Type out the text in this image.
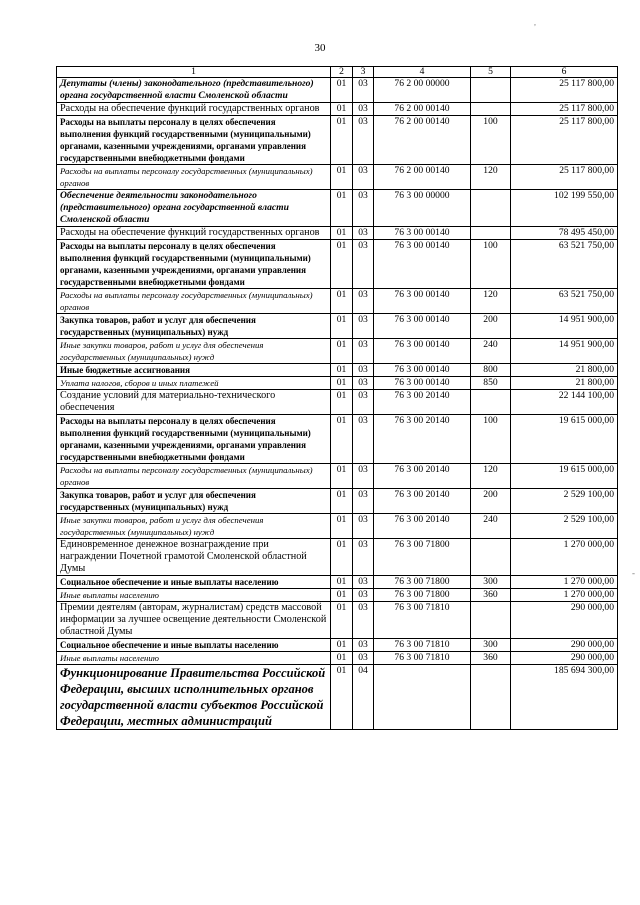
30
,
-
1	2	3	4	5	6
Депутаты (члены) законодательного (представительного) органа государственной власти Смоленской области	01	03	76 2 00 00000		25 117 800,00
Расходы на обеспечение функций государственных органов	01	03	76 2 00 00140		25 117 800,00
Расходы на выплаты персоналу в целях обеспечения выполнения функций государственными (муниципальными) органами, казенными учреждениями, органами управления государственными внебюджетными фондами	01	03	76 2 00 00140	100	25 117 800,00
Расходы на выплаты персоналу государственных (муниципальных) органов	01	03	76 2 00 00140	120	25 117 800,00
Обеспечение деятельности законодательного (представительного) органа государственной власти Смоленской области	01	03	76 3 00 00000		102 199 550,00
Расходы на обеспечение функций государственных органов	01	03	76 3 00 00140		78 495 450,00
Расходы на выплаты персоналу в целях обеспечения выполнения функций государственными (муниципальными) органами, казенными учреждениями, органами управления государственными внебюджетными фондами	01	03	76 3 00 00140	100	63 521 750,00
Расходы на выплаты персоналу государственных (муниципальных) органов	01	03	76 3 00 00140	120	63 521 750,00
Закупка товаров, работ и услуг для обеспечения государственных (муниципальных) нужд	01	03	76 3 00 00140	200	14 951 900,00
Иные закупки товаров, работ и услуг для обеспечения государственных (муниципальных) нужд	01	03	76 3 00 00140	240	14 951 900,00
Иные бюджетные ассигнования	01	03	76 3 00 00140	800	21 800,00
Уплата налогов, сборов и иных платежей	01	03	76 3 00 00140	850	21 800,00
Создание условий для материально-технического обеспечения	01	03	76 3 00 20140		22 144 100,00
Расходы на выплаты персоналу в целях обеспечения выполнения функций государственными (муниципальными) органами, казенными учреждениями, органами управления государственными внебюджетными фондами	01	03	76 3 00 20140	100	19 615 000,00
Расходы на выплаты персоналу государственных (муниципальных) органов	01	03	76 3 00 20140	120	19 615 000,00
Закупка товаров, работ и услуг для обеспечения государственных (муниципальных) нужд	01	03	76 3 00 20140	200	2 529 100,00
Иные закупки товаров, работ и услуг для обеспечения государственных (муниципальных) нужд	01	03	76 3 00 20140	240	2 529 100,00
Единовременное денежное вознаграждение при награждении Почетной грамотой Смоленской областной Думы	01	03	76 3 00 71800		1 270 000,00
Социальное обеспечение и иные выплаты населению	01	03	76 3 00 71800	300	1 270 000,00
Иные выплаты населению	01	03	76 3 00 71800	360	1 270 000,00
Премии деятелям (авторам, журналистам) средств массовой информации за лучшее освещение деятельности Смоленской областной Думы	01	03	76 3 00 71810		290 000,00
Социальное обеспечение и иные выплаты населению	01	03	76 3 00 71810	300	290 000,00
Иные выплаты населению	01	03	76 3 00 71810	360	290 000,00
Функционирование Правительства Российской Федерации, высших исполнительных органов государственной власти субъектов Российской Федерации, местных администраций	01	04			185 694 300,00
